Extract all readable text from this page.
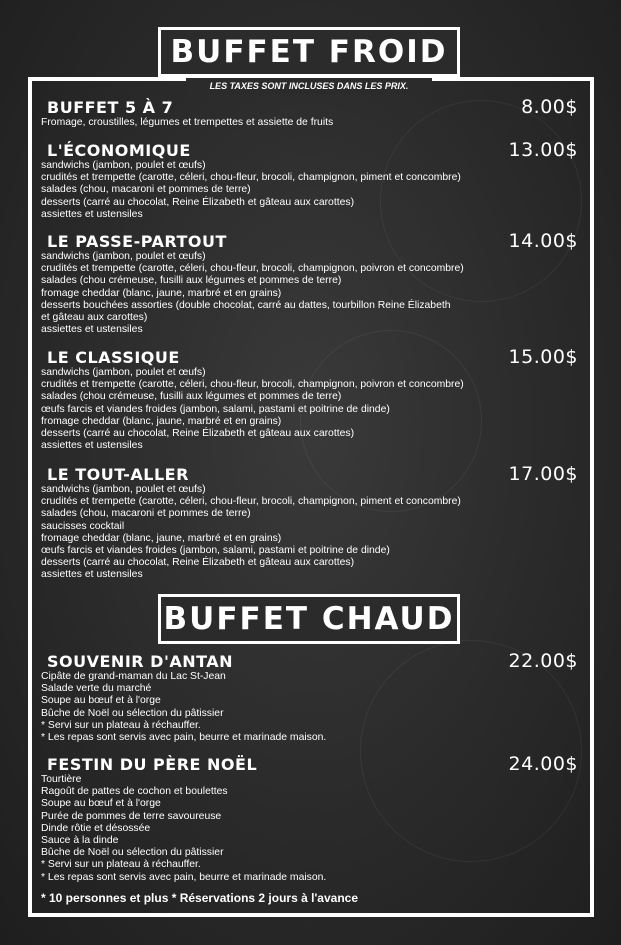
BUFFET FROID
LES TAXES SONT INCLUSES DANS LES PRIX.
BUFFET 5 À 7	8.00$
Fromage, croustilles, légumes et trempettes et assiette de fruits
L'ÉCONOMIQUE	13.00$
sandwichs (jambon, poulet et œufs)
crudités et trempette (carotte, céleri, chou-fleur, brocoli, champignon, piment et concombre)
salades (chou, macaroni et pommes de terre)
desserts (carré au chocolat, Reine Élizabeth et gâteau aux carottes)
assiettes et ustensiles
LE PASSE-PARTOUT	14.00$
sandwichs (jambon, poulet et œufs)
crudités et trempette (carotte, céleri, chou-fleur, brocoli, champignon, poivron et concombre)
salades (chou crémeuse, fusilli aux légumes et pommes de terre)
fromage cheddar (blanc, jaune, marbré et en grains)
desserts bouchées assorties (double chocolat, carré au dattes, tourbillon Reine Élizabeth
et gâteau aux carottes)
assiettes et ustensiles
LE CLASSIQUE	15.00$
sandwichs (jambon, poulet et œufs)
crudités et trempette (carotte, céleri, chou-fleur, brocoli, champignon, poivron et concombre)
salades (chou crémeuse, fusilli aux légumes et pommes de terre)
œufs farcis et viandes froides (jambon, salami, pastami et poitrine de dinde)
fromage cheddar (blanc, jaune, marbré et en grains)
desserts (carré au chocolat, Reine Élizabeth et gâteau aux carottes)
assiettes et ustensiles
LE TOUT-ALLER	17.00$
sandwichs (jambon, poulet et œufs)
crudités et trempette (carotte, céleri, chou-fleur, brocoli, champignon, piment et concombre)
salades (chou, macaroni et pommes de terre)
saucisses cocktail
fromage cheddar (blanc, jaune, marbré et en grains)
œufs farcis et viandes froides (jambon, salami, pastami et poitrine de dinde)
desserts (carré au chocolat, Reine Élizabeth et gâteau aux carottes)
assiettes et ustensiles
BUFFET CHAUD
SOUVENIR D'ANTAN	22.00$
Cipâte de grand-maman du Lac St-Jean
Salade verte du marché
Soupe au bœuf et à l'orge
Bûche de Noël ou sélection du pâtissier
* Servi sur un plateau à réchauffer.
* Les repas sont servis avec pain, beurre et marinade maison.
FESTIN DU PÈRE NOËL	24.00$
Tourtière
Ragoût de pattes de cochon et boulettes
Soupe au bœuf et à l'orge
Purée de pommes de terre savoureuse
Dinde rôtie et désossée
Sauce à la dinde
Bûche de Noël ou sélection du pâtissier
* Servi sur un plateau à réchauffer.
* Les repas sont servis avec pain, beurre et marinade maison.
* 10 personnes et plus * Réservations 2 jours à l'avance
